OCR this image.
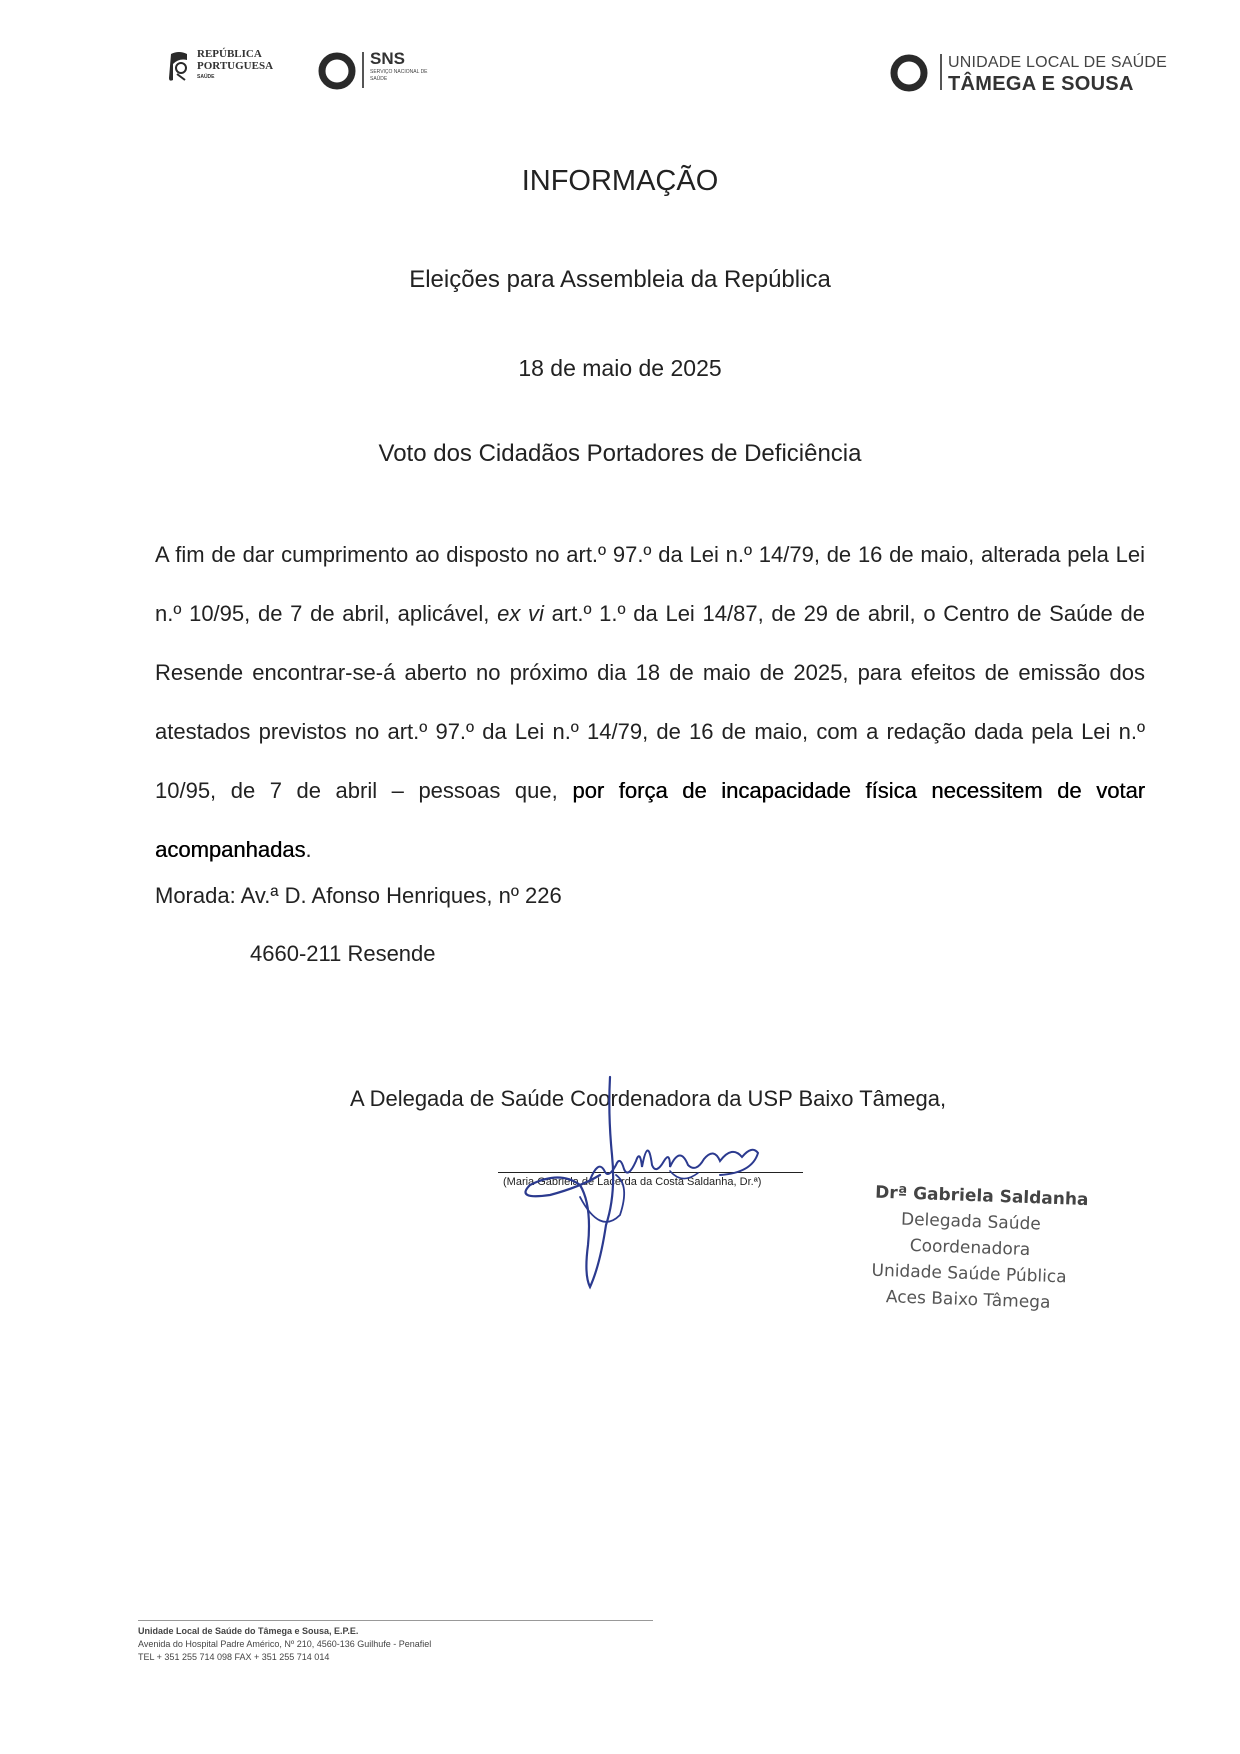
REPÚBLICA
PORTUGUESA
SAÚDE
SNS
SERVIÇO NACIONAL DE SAÚDE
UNIDADE LOCAL DE SAÚDE
TÂMEGA E SOUSA
INFORMAÇÃO
Eleições para Assembleia da República
18 de maio de 2025
Voto dos Cidadãos Portadores de Deficiência
A fim de dar cumprimento ao disposto no art.º 97.º da Lei n.º 14/79, de 16 de maio, alterada pela Lei n.º 10/95, de 7 de abril, aplicável, ex vi art.º 1.º da Lei 14/87, de 29 de abril, o Centro de Saúde de Resende encontrar-se-á aberto no próximo dia 18 de maio de 2025, para efeitos de emissão dos atestados previstos no art.º 97.º da Lei n.º 14/79, de 16 de maio, com a redação dada pela Lei n.º 10/95, de 7 de abril – pessoas que, por força de incapacidade física necessitem de votar acompanhadas.
Morada: Av.ª D. Afonso Henriques, nº 226
4660-211 Resende
A Delegada de Saúde Coordenadora da USP Baixo Tâmega,
(Maria Gabriela de Lacerda da Costa Saldanha, Dr.ª)
Drª Gabriela Saldanha
Delegada Saúde Coordenadora
Unidade Saúde Pública
Aces Baixo Tâmega
Unidade Local de Saúde do Tâmega e Sousa, E.P.E.
Avenida do Hospital Padre Américo, Nº 210, 4560-136 Guilhufe - Penafiel
TEL + 351 255 714 098 FAX + 351 255 714 014
